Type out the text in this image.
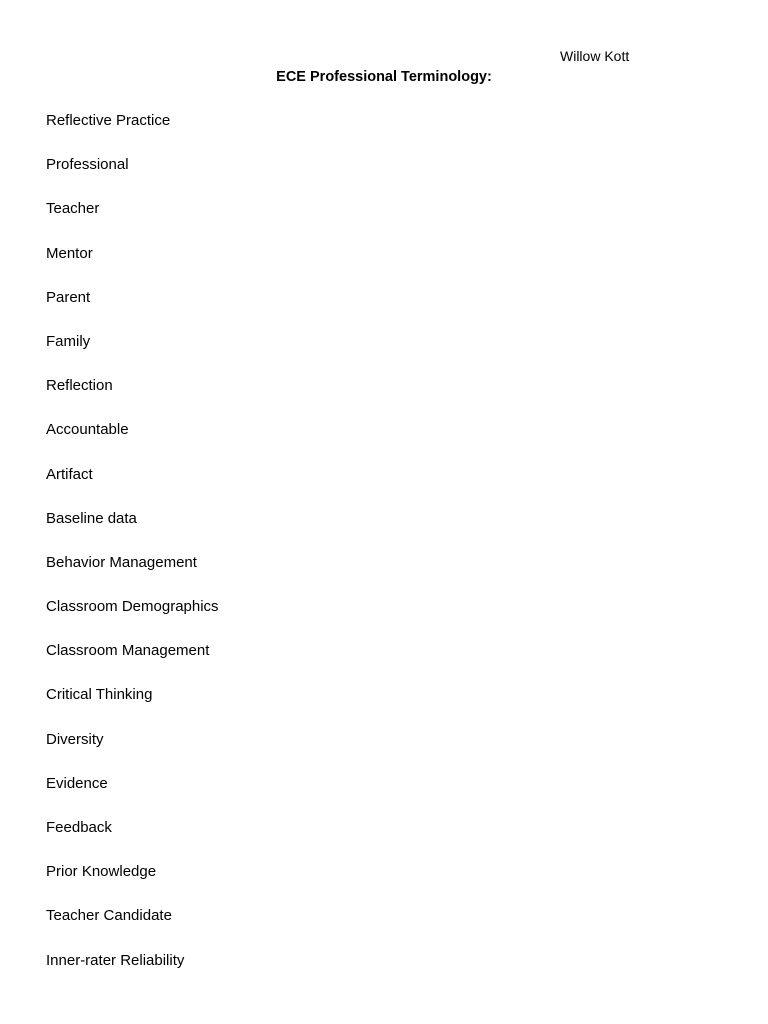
Willow Kott
ECE Professional Terminology:
Reflective Practice
Professional
Teacher
Mentor
Parent
Family
Reflection
Accountable
Artifact
Baseline data
Behavior Management
Classroom Demographics
Classroom Management
Critical Thinking
Diversity
Evidence
Feedback
Prior Knowledge
Teacher Candidate
Inner-rater Reliability
